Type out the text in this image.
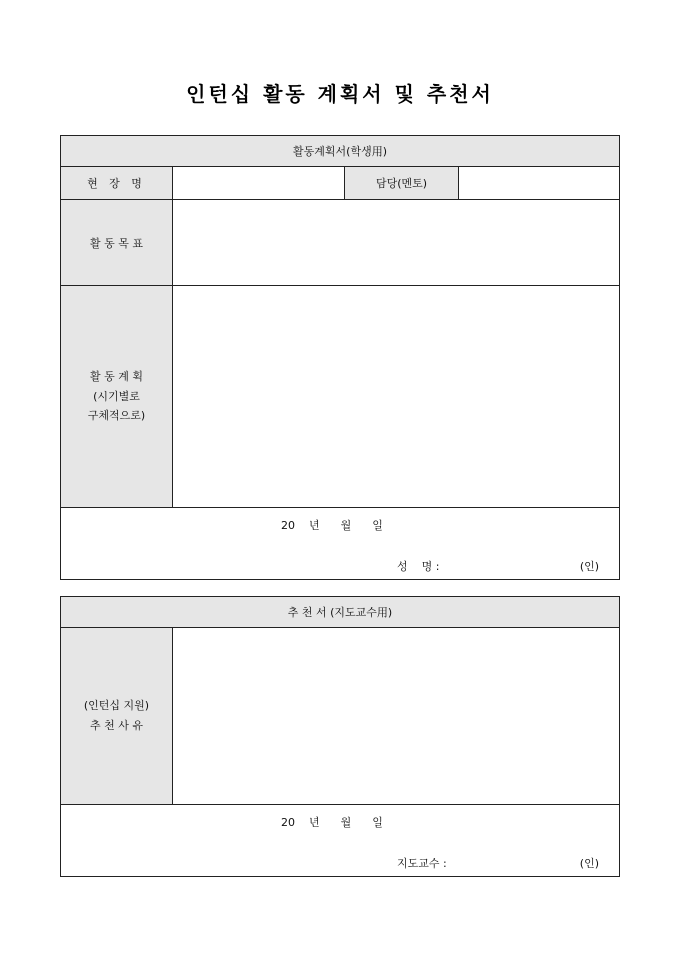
인턴십 활동 계획서 및 추천서
활동계획서(학생用)			
현 장 명		담당(멘토)	
활 동 목 표			

활 동 계 획
(시기별로
구체적으로)			

20    년      월      일
성    명 : (인)			
추 천 서 (지도교수用)

(인턴십 지원)
추 천 사 유

20    년      월      일
지도교수 :	(인)
